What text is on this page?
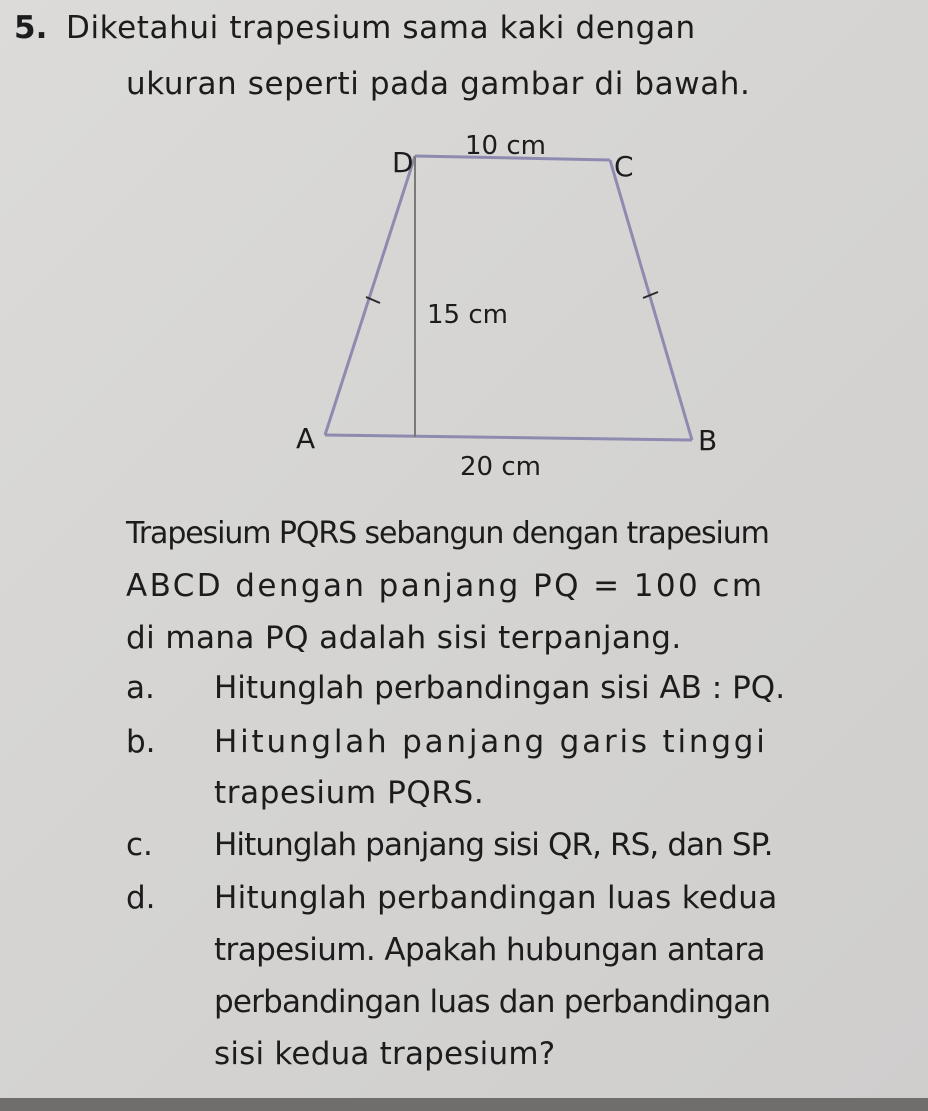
5. Diketahui trapesium sama kaki dengan
ukuran seperti pada gambar di bawah.
D	C
A	B
10 cm
15 cm
20 cm
Trapesium PQRS sebangun dengan trapesium
ABCD dengan panjang PQ = 100 cm
di mana PQ adalah sisi terpanjang.
a. Hitunglah perbandingan sisi AB : PQ.
b. Hitunglah panjang garis tinggi
trapesium PQRS.
c. Hitunglah panjang sisi QR, RS, dan SP.
d. Hitunglah perbandingan luas kedua
trapesium. Apakah hubungan antara
perbandingan luas dan perbandingan
sisi kedua trapesium?
